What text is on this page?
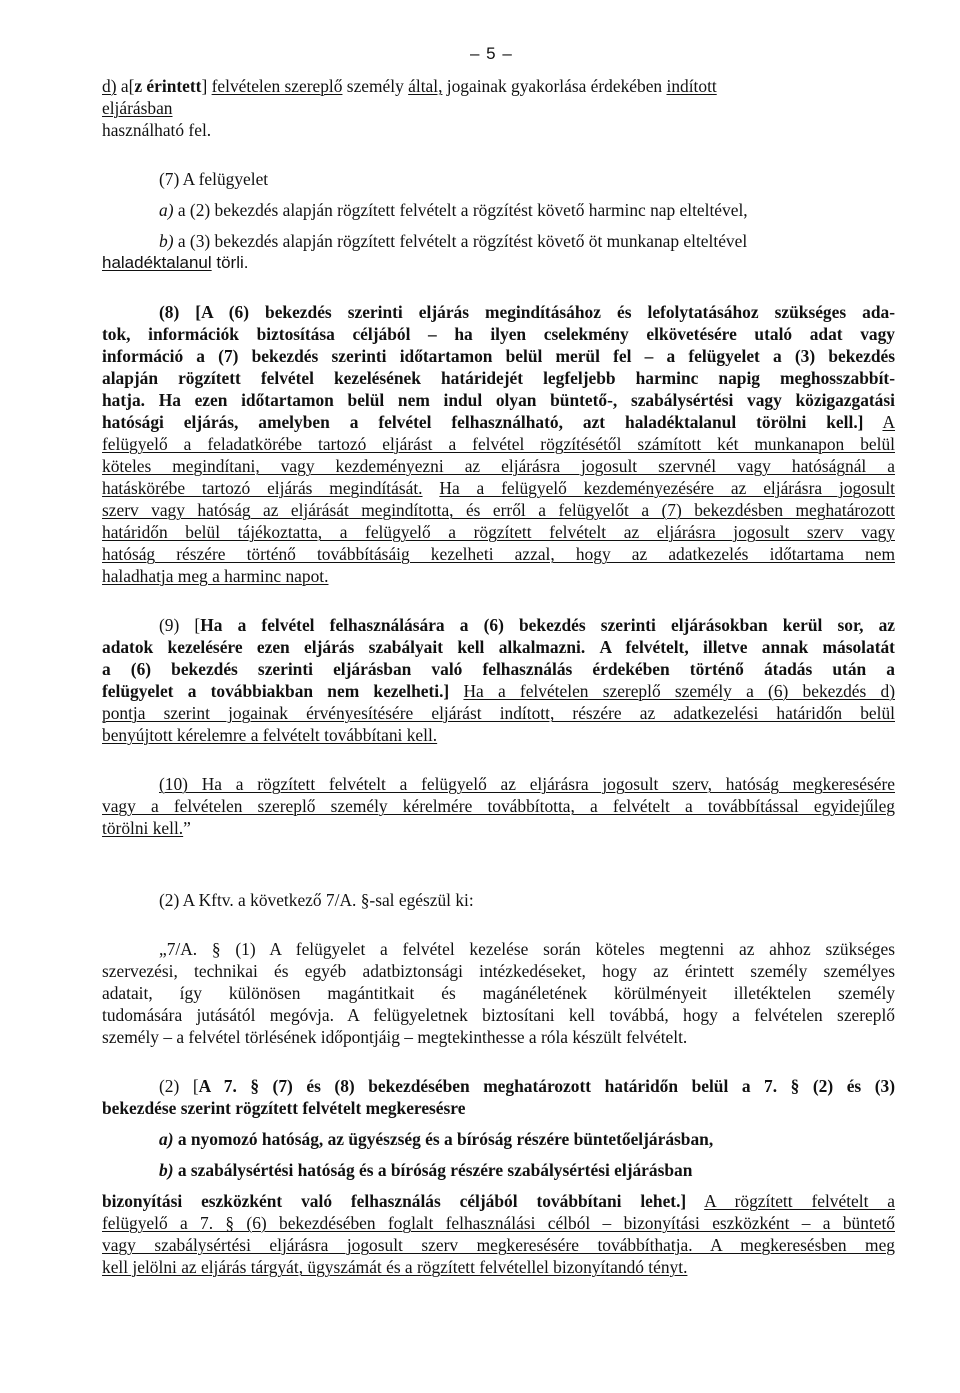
– 5 –
d) a[z érintett] felvételen szereplő személy által, jogainak gyakorlása érdekében indított
eljárásban
használható fel.
(7) A felügyelet
a) a (2) bekezdés alapján rögzített felvételt a rögzítést követő harminc nap elteltével,
b) a (3) bekezdés alapján rögzített felvételt a rögzítést követő öt munkanap elteltével
haladéktalanul törli.
(8) [A (6) bekezdés szerinti eljárás megindításához és lefolytatásához szükséges ada-
tok, információk biztosítása céljából – ha ilyen cselekmény elkövetésére utaló adat vagy
információ a (7) bekezdés szerinti időtartamon belül merül fel – a felügyelet a (3) bekezdés
alapján rögzített felvétel kezelésének határidejét legfeljebb harminc napig meghosszabbít-
hatja. Ha ezen időtartamon belül nem indul olyan büntető-, szabálysértési vagy közigazgatási
hatósági eljárás, amelyben a felvétel felhasználható, azt haladéktalanul törölni kell.] A
felügyelő a feladatkörébe tartozó eljárást a felvétel rögzítésétől számított két munkanapon belül
köteles megindítani, vagy kezdeményezni az eljárásra jogosult szervnél vagy hatóságnál a
hatáskörébe tartozó eljárás megindítását. Ha a felügyelő kezdeményezésére az eljárásra jogosult
szerv vagy hatóság az eljárását megindította, és erről a felügyelőt a (7) bekezdésben meghatározott
határidőn belül tájékoztatta, a felügyelő a rögzített felvételt az eljárásra jogosult szerv vagy
hatóság részére történő továbbításáig kezelheti azzal, hogy az adatkezelés időtartama nem
haladhatja meg a harminc napot.
(9) [Ha a felvétel felhasználására a (6) bekezdés szerinti eljárásokban kerül sor, az
adatok kezelésére ezen eljárás szabályait kell alkalmazni. A felvételt, illetve annak másolatát
a (6) bekezdés szerinti eljárásban való felhasználás érdekében történő átadás után a
felügyelet a továbbiakban nem kezelheti.] Ha a felvételen szereplő személy a (6) bekezdés d)
pontja szerint jogainak érvényesítésére eljárást indított, részére az adatkezelési határidőn belül
benyújtott kérelemre a felvételt továbbítani kell.
(10) Ha a rögzített felvételt a felügyelő az eljárásra jogosult szerv, hatóság megkeresésére
vagy a felvételen szereplő személy kérelmére továbbította, a felvételt a továbbítással egyidejűleg
törölni kell.”
(2) A Kftv. a következő 7/A. §-sal egészül ki:
„7/A. § (1) A felügyelet a felvétel kezelése során köteles megtenni az ahhoz szükséges
szervezési, technikai és egyéb adatbiztonsági intézkedéseket, hogy az érintett személy személyes
adatait, így különösen magántitkait és magánéletének körülményeit illetéktelen személy
tudomására jutásától megóvja. A felügyeletnek biztosítani kell továbbá, hogy a felvételen szereplő
személy – a felvétel törlésének időpontjáig – megtekinthesse a róla készült felvételt.
(2) [A 7. § (7) és (8) bekezdésében meghatározott határidőn belül a 7. § (2) és (3)
bekezdése szerint rögzített felvételt megkeresésre
a) a nyomozó hatóság, az ügyészség és a bíróság részére büntetőeljárásban,
b) a szabálysértési hatóság és a bíróság részére szabálysértési eljárásban
bizonyítási eszközként való felhasználás céljából továbbítani lehet.] A rögzített felvételt a
felügyelő a 7. § (6) bekezdésében foglalt felhasználási célból – bizonyítási eszközként – a büntető
vagy szabálysértési eljárásra jogosult szerv megkeresésére továbbíthatja. A megkeresésben meg
kell jelölni az eljárás tárgyát, ügyszámát és a rögzített felvétellel bizonyítandó tényt.
